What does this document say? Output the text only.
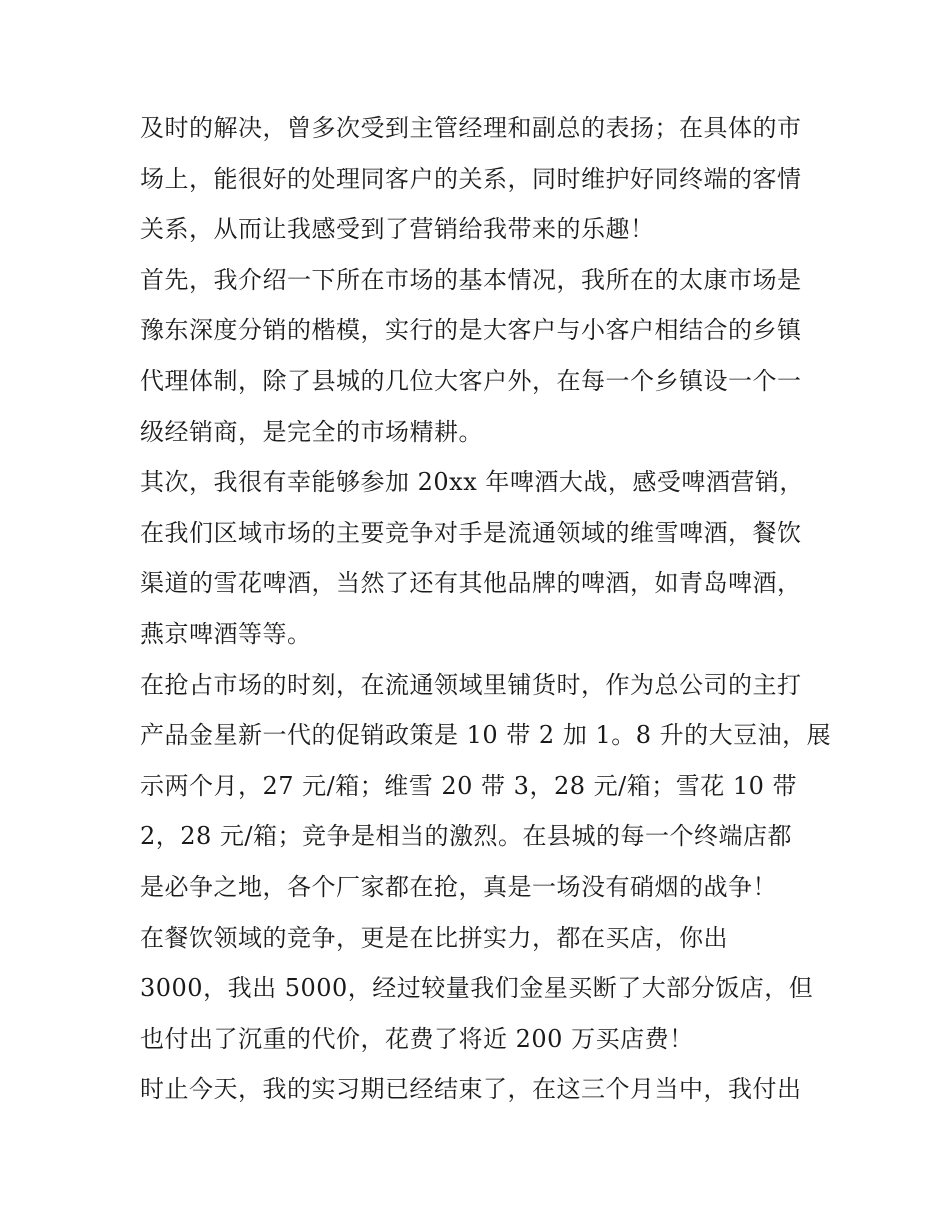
及时的解决，曾多次受到主管经理和副总的表扬；在具体的市
场上，能很好的处理同客户的关系，同时维护好同终端的客情
关系，从而让我感受到了营销给我带来的乐趣！
首先，我介绍一下所在市场的基本情况，我所在的太康市场是
豫东深度分销的楷模，实行的是大客户与小客户相结合的乡镇
代理体制，除了县城的几位大客户外，在每一个乡镇设一个一
级经销商，是完全的市场精耕。
其次，我很有幸能够参加 20xx 年啤酒大战，感受啤酒营销，
在我们区域市场的主要竞争对手是流通领域的维雪啤酒，餐饮
渠道的雪花啤酒，当然了还有其他品牌的啤酒，如青岛啤酒，
燕京啤酒等等。
在抢占市场的时刻，在流通领域里铺货时，作为总公司的主打
产品金星新一代的促销政策是 10 带 2 加 1。8 升的大豆油，展
示两个月，27 元/箱；维雪 20 带 3，28 元/箱；雪花 10 带
2，28 元/箱；竞争是相当的激烈。在县城的每一个终端店都
是必争之地，各个厂家都在抢，真是一场没有硝烟的战争！
在餐饮领域的竞争，更是在比拼实力，都在买店，你出
3000，我出 5000，经过较量我们金星买断了大部分饭店，但
也付出了沉重的代价，花费了将近 200 万买店费！
时止今天，我的实习期已经结束了，在这三个月当中，我付出
